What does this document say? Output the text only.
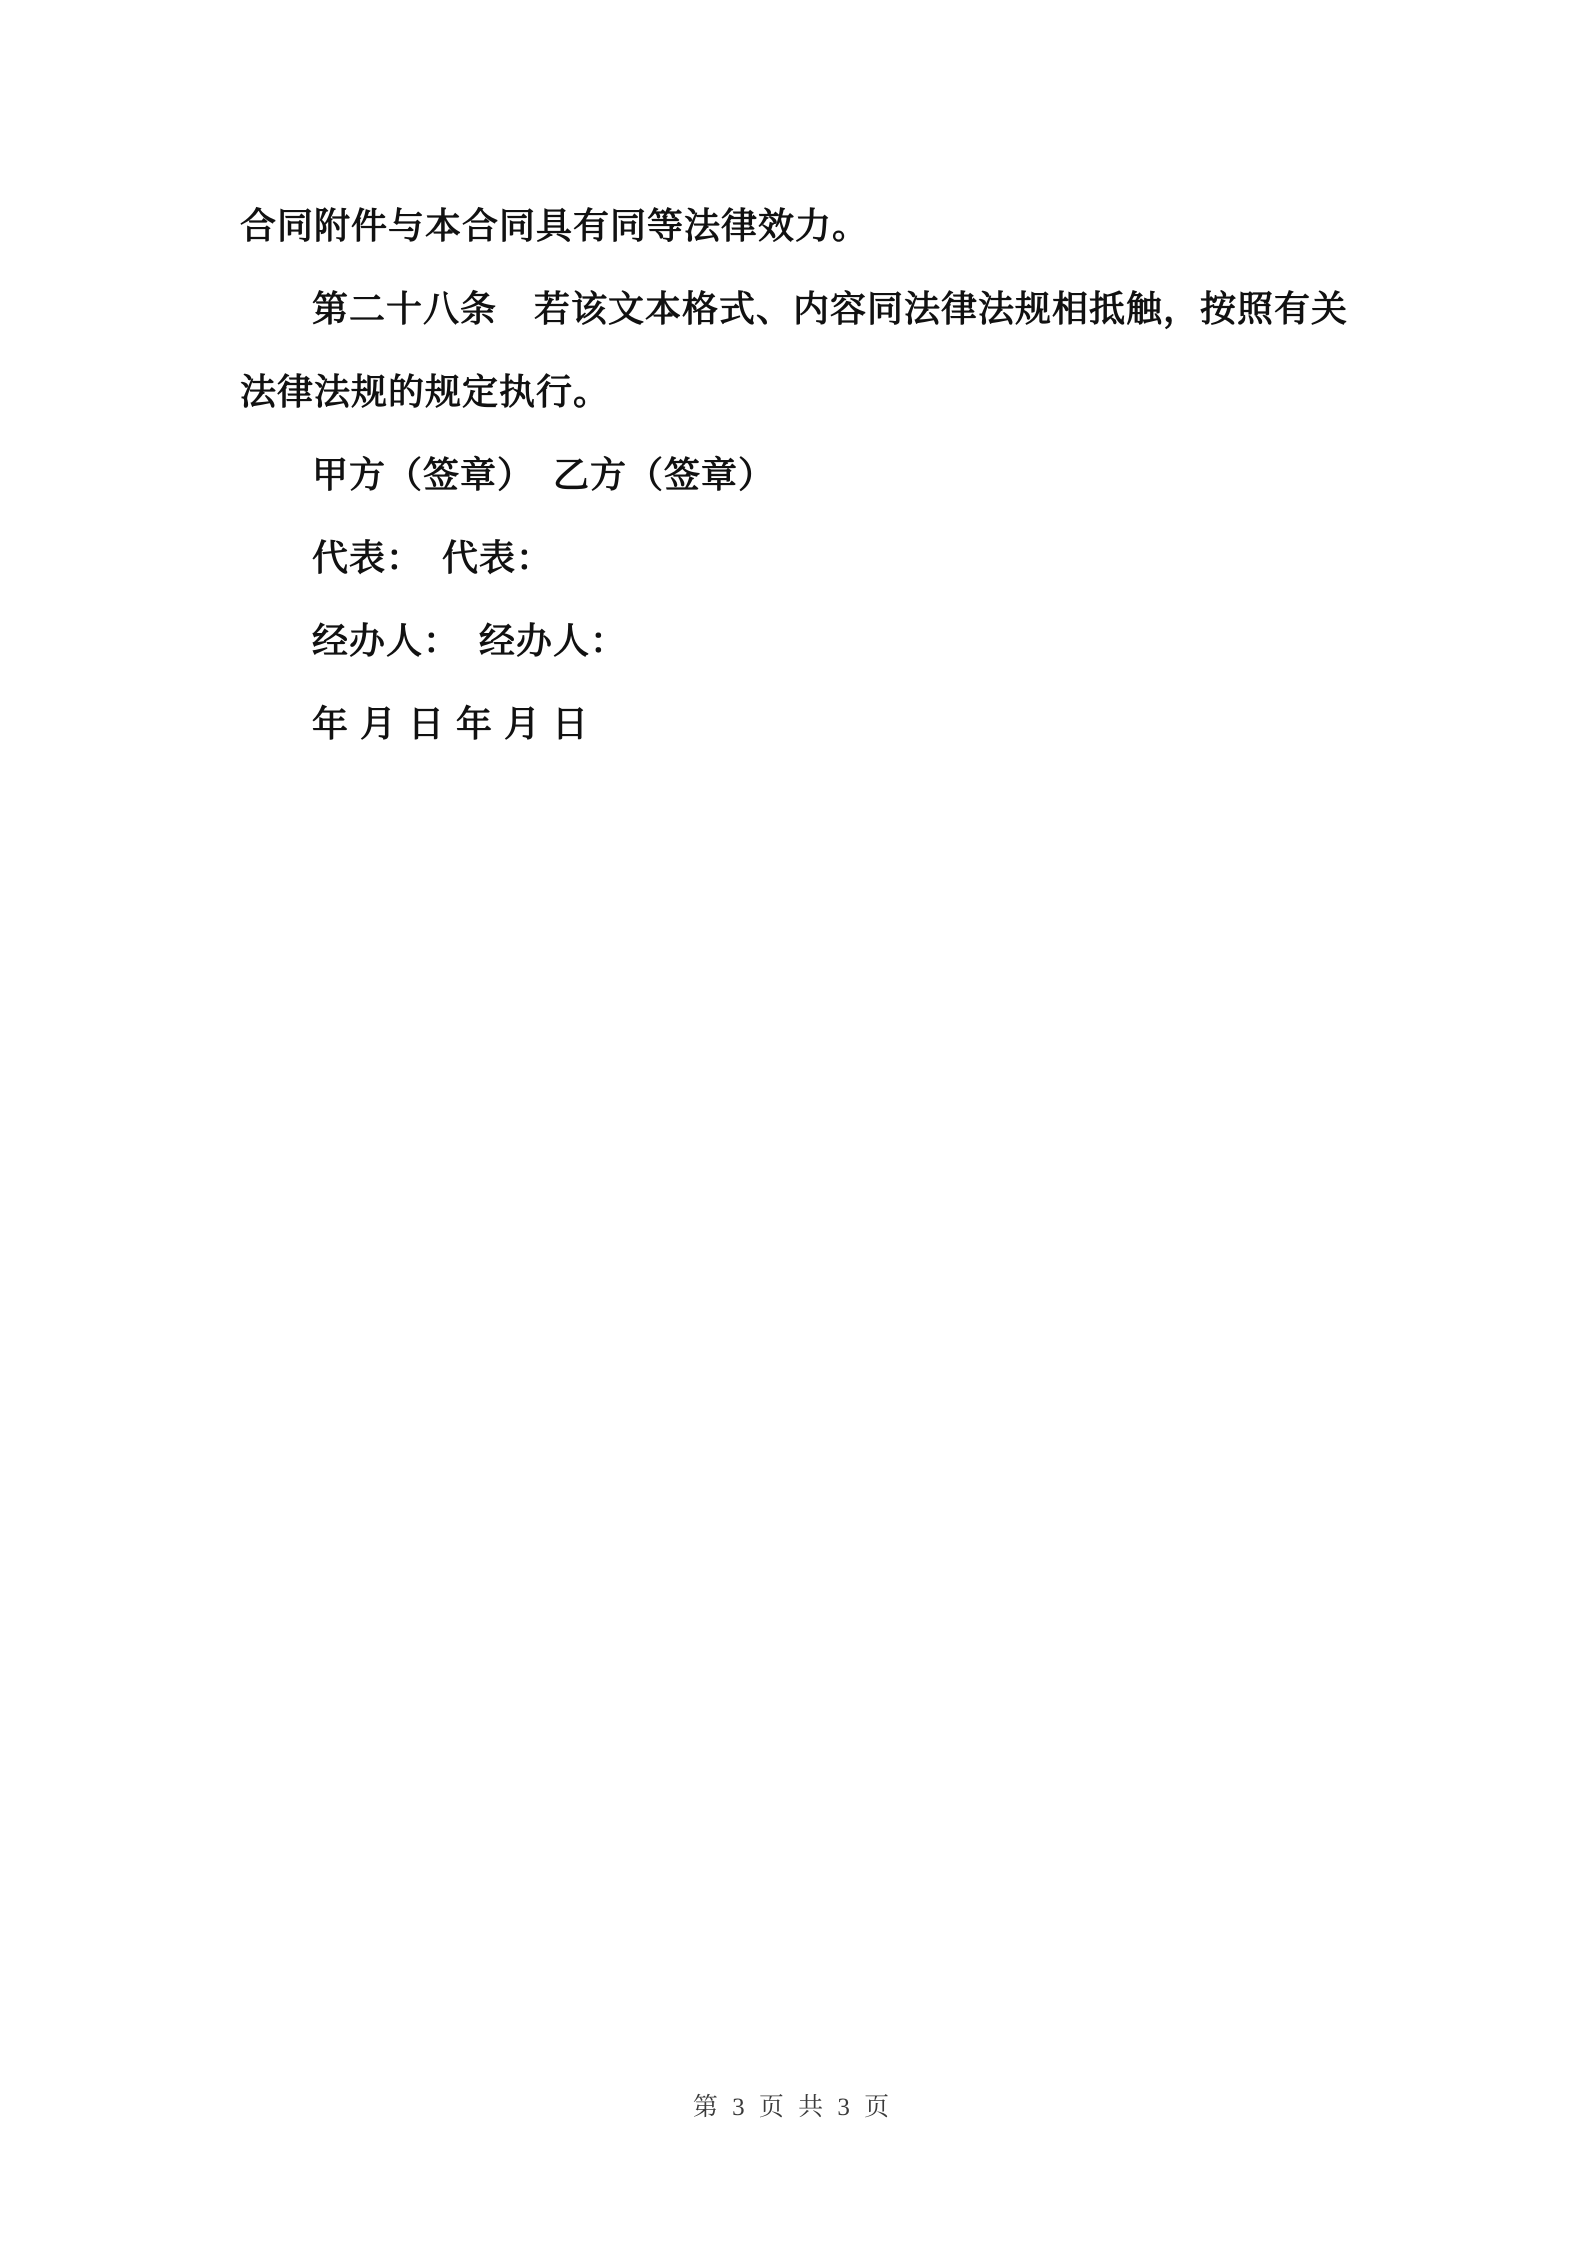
合同附件与本合同具有同等法律效力。

第二十八条　若该文本格式、内容同法律法规相抵触，按照有关

法律法规的规定执行。

甲方（签章）　乙方（签章）

代表：　代表：

经办人：　经办人：

年 月 日 年 月 日

第 3 页 共 3 页
